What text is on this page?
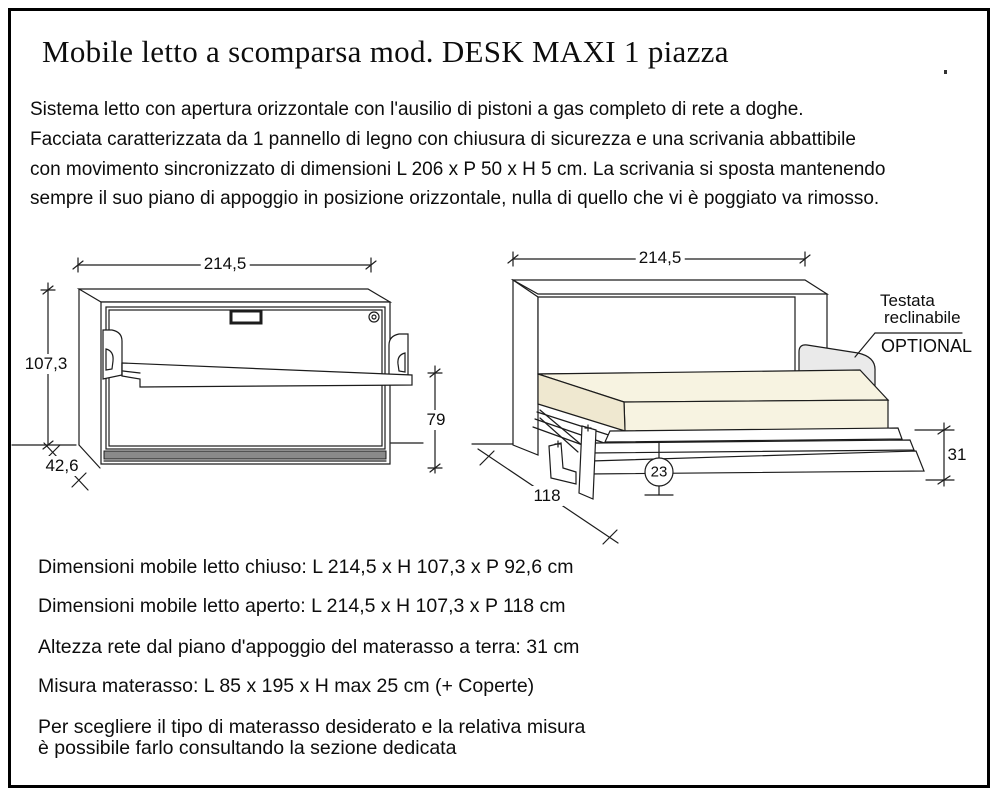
Mobile letto a scomparsa mod. DESK MAXI 1 piazza
Sistema letto con apertura orizzontale con l'ausilio di pistoni a gas completo di rete a doghe.
Facciata caratterizzata da 1 pannello di legno con chiusura di sicurezza e una scrivania abbattibile
con movimento sincronizzato di dimensioni L 206 x P 50 x H 5 cm. La scrivania si sposta mantenendo
sempre il suo piano di appoggio in posizione orizzontale, nulla di quello che vi è poggiato va rimosso.
214,5
107,3
42,6
79
214,5
118
23
31
Testata
reclinabile
OPTIONAL
Dimensioni mobile letto chiuso: L 214,5 x H 107,3 x P 92,6 cm
Dimensioni mobile letto aperto: L 214,5 x H 107,3 x P 118 cm
Altezza rete dal piano d'appoggio del materasso a terra: 31 cm
Misura materasso: L 85 x 195 x H max 25 cm (+ Coperte)
Per scegliere il tipo di materasso desiderato e la relativa misura
è possibile farlo consultando la sezione dedicata
